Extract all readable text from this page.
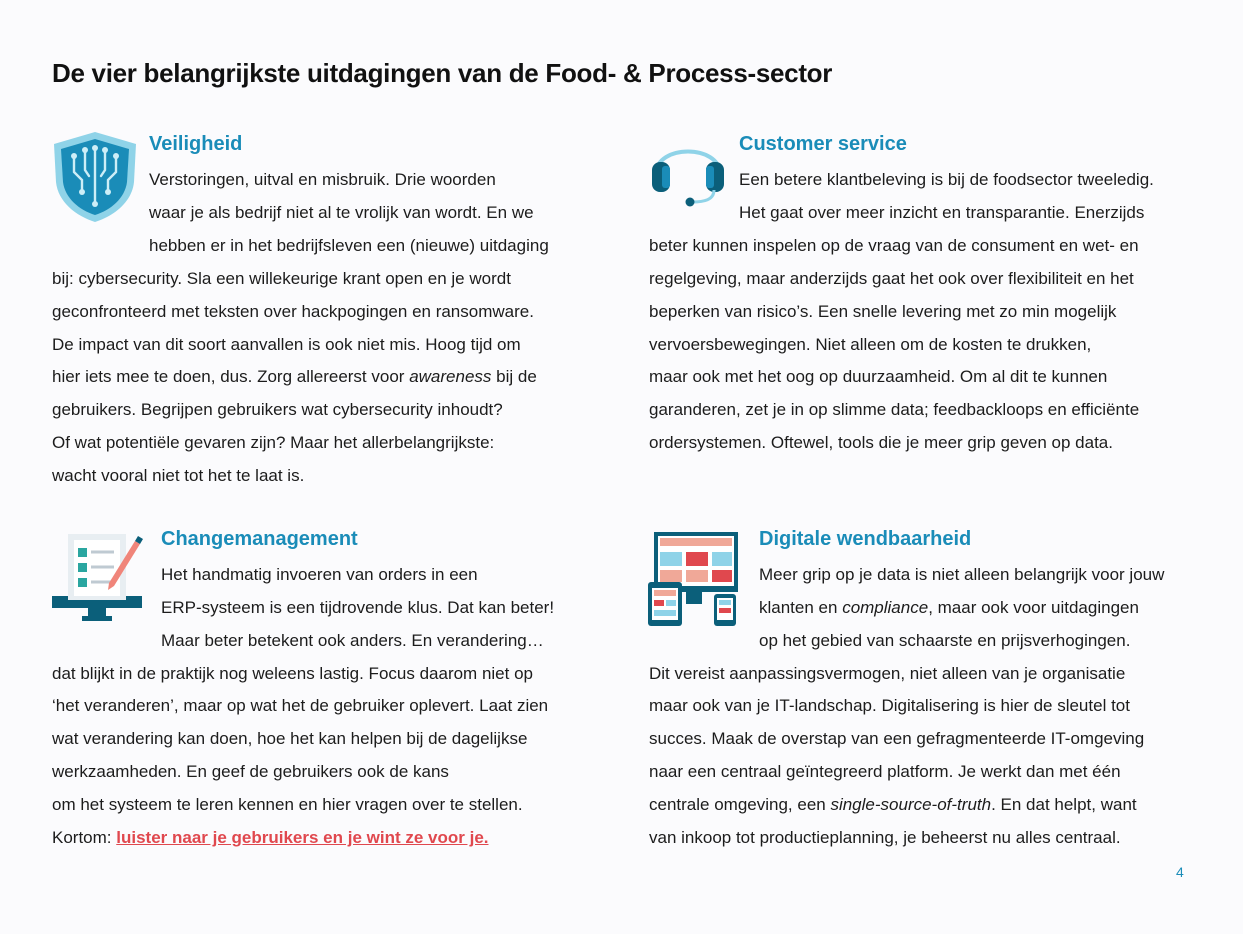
De vier belangrijkste uitdagingen van de Food- & Process-sector
Veiligheid
Verstoringen, uitval en misbruik. Drie woorden
waar je als bedrijf niet al te vrolijk van wordt. En we
hebben er in het bedrijfsleven een (nieuwe) uitdaging
bij: cybersecurity. Sla een willekeurige krant open en je wordt
geconfronteerd met teksten over hackpogingen en ransomware.
De impact van dit soort aanvallen is ook niet mis. Hoog tijd om
hier iets mee te doen, dus. Zorg allereerst voor awareness bij de
gebruikers. Begrijpen gebruikers wat cybersecurity inhoudt?
Of wat potentiële gevaren zijn? Maar het allerbelangrijkste:
wacht vooral niet tot het te laat is.
Customer service
Een betere klantbeleving is bij de foodsector tweeledig.
Het gaat over meer inzicht en transparantie. Enerzijds
beter kunnen inspelen op de vraag van de consument en wet- en
regelgeving, maar anderzijds gaat het ook over flexibiliteit en het
beperken van risico’s. Een snelle levering met zo min mogelijk
vervoersbewegingen. Niet alleen om de kosten te drukken,
maar ook met het oog op duurzaamheid. Om al dit te kunnen
garanderen, zet je in op slimme data; feedbackloops en efficiënte
ordersystemen. Oftewel, tools die je meer grip geven op data.
Changemanagement
Het handmatig invoeren van orders in een
ERP-systeem is een tijdrovende klus. Dat kan beter!
Maar beter betekent ook anders. En verandering…
dat blijkt in de praktijk nog weleens lastig. Focus daarom niet op
‘het veranderen’, maar op wat het de gebruiker oplevert. Laat zien
wat verandering kan doen, hoe het kan helpen bij de dagelijkse
werkzaamheden. En geef de gebruikers ook de kans
om het systeem te leren kennen en hier vragen over te stellen.
Kortom: luister naar je gebruikers en je wint ze voor je.
Digitale wendbaarheid
Meer grip op je data is niet alleen belangrijk voor jouw
klanten en compliance, maar ook voor uitdagingen
op het gebied van schaarste en prijsverhogingen.
Dit vereist aanpassingsvermogen, niet alleen van je organisatie
maar ook van je IT-landschap. Digitalisering is hier de sleutel tot
succes. Maak de overstap van een gefragmenteerde IT-omgeving
naar een centraal geïntegreerd platform. Je werkt dan met één
centrale omgeving, een single-source-of-truth. En dat helpt, want
van inkoop tot productieplanning, je beheerst nu alles centraal.
4
